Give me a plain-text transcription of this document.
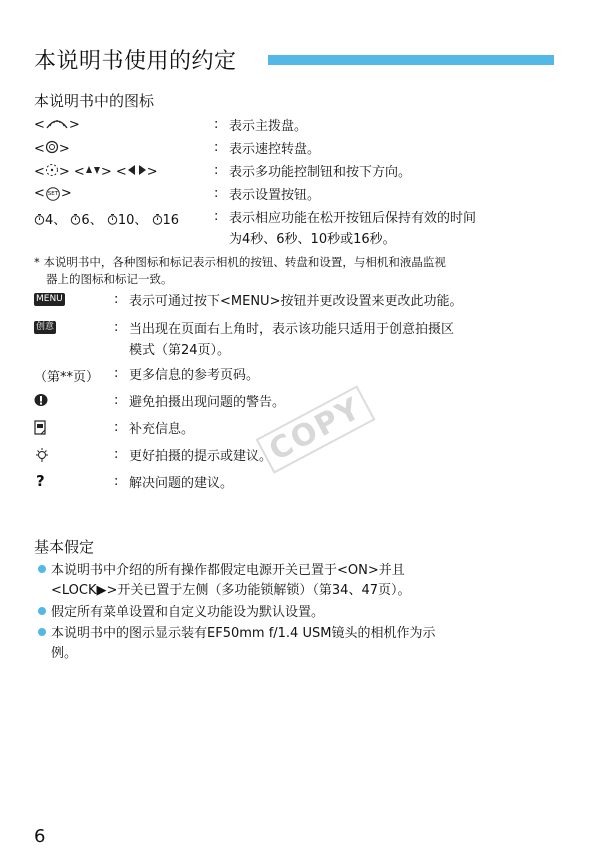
本说明书使用的约定
本说明书中的图标
< >	: 表示主拨盘。
< >	: 表示速控转盘。
< > < > < >	: 表示多功能控制钮和按下方向。
< SET >	: 表示设置按钮。
4、 6、 10、 16	: 表示相应功能在松开按钮后保持有效的时间
为4秒、6秒、10秒或16秒。
* 本说明书中，各种图标和标记表示相机的按钮、转盘和设置，与相机和液晶监视
器上的图标和标记一致。
MENU	: 表示可通过按下<MENU>按钮并更改设置来更改此功能。
创意	: 当出现在页面右上角时，表示该功能只适用于创意拍摄区
模式（第24页）。
（第**页） : 更多信息的参考页码。
: 避免拍摄出现问题的警告。
: 补充信息。
: 更好拍摄的提示或建议。
?	: 解决问题的建议。
COPY
基本假定
本说明书中介绍的所有操作都假定电源开关已置于<ON>并且
<LOCK▶>开关已置于左侧（多功能锁解锁）（第34、47页）。
假定所有菜单设置和自定义功能设为默认设置。
本说明书中的图示显示装有EF50mm f/1.4 USM镜头的相机作为示
例。
6
